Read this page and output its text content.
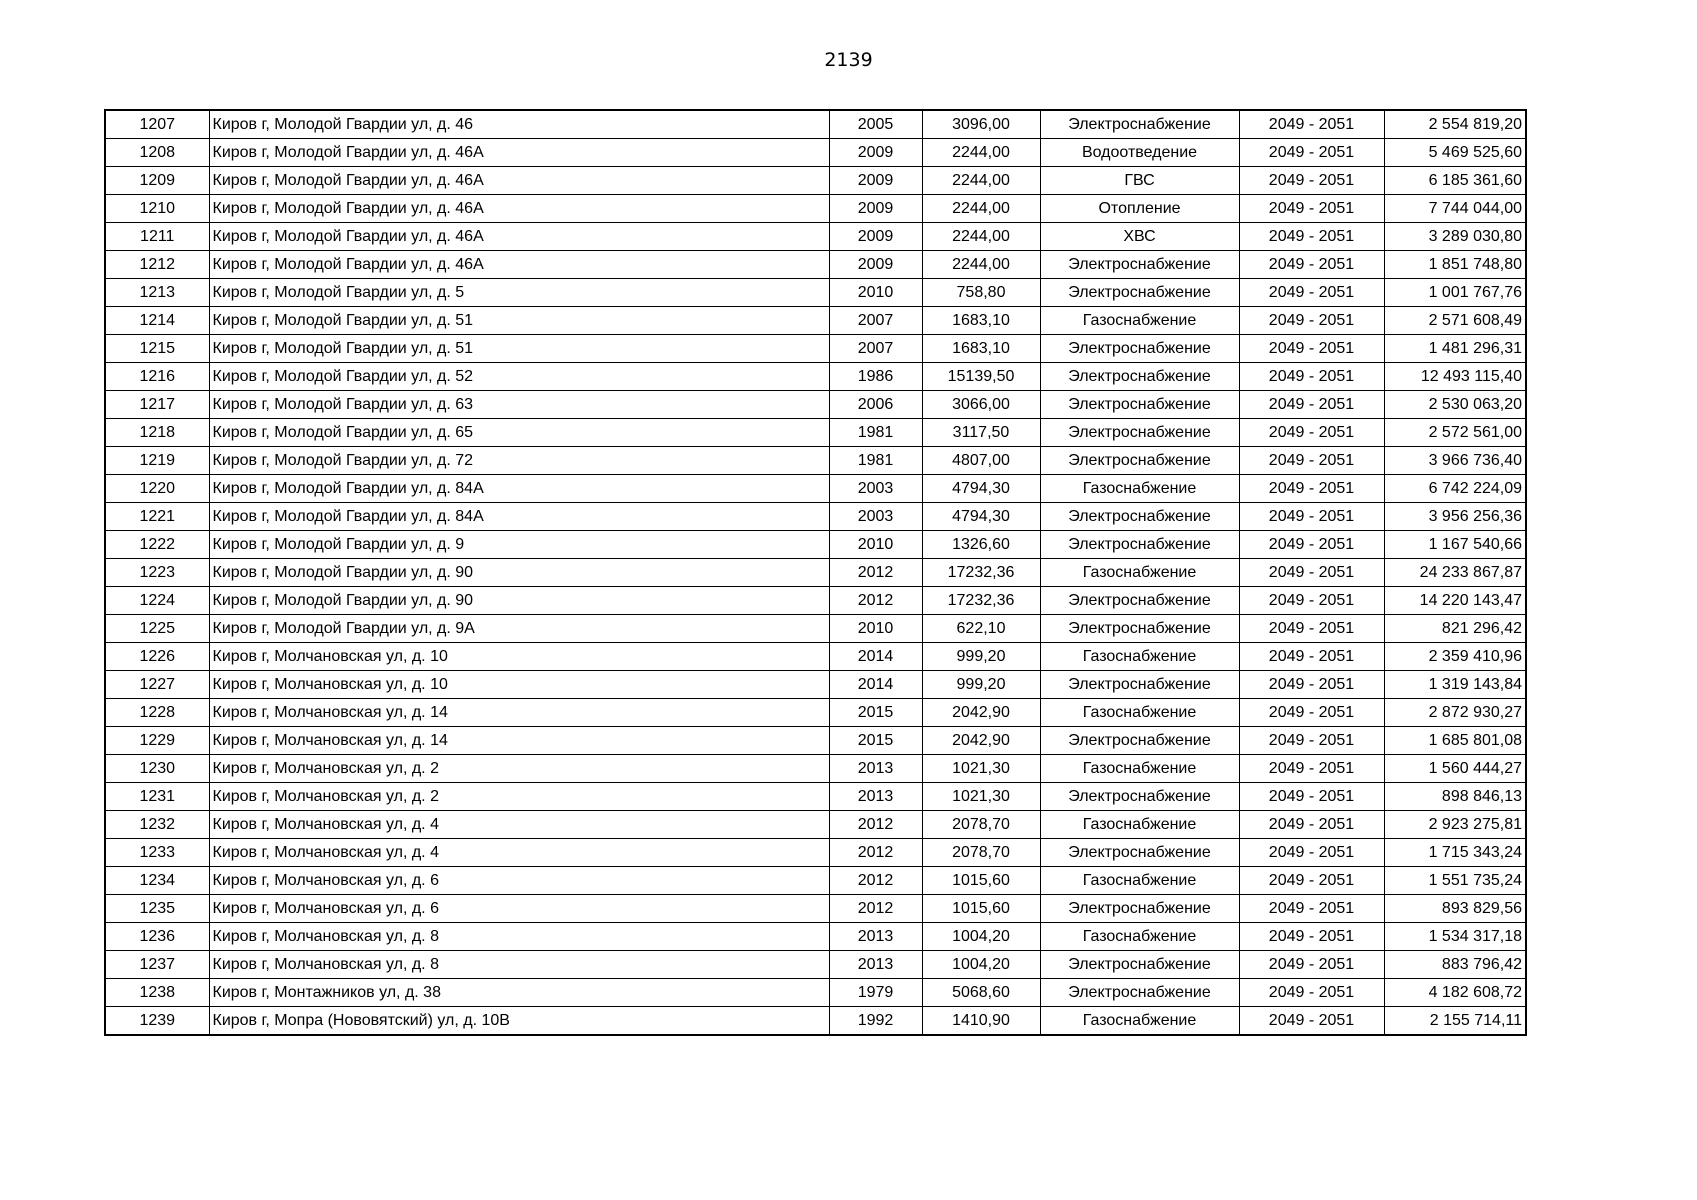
2139
1207	Киров г, Молодой Гвардии ул, д. 46	2005	3096,00	Электроснабжение	2049 - 2051	2 554 819,20
1208	Киров г, Молодой Гвардии ул, д. 46А	2009	2244,00	Водоотведение	2049 - 2051	5 469 525,60
1209	Киров г, Молодой Гвардии ул, д. 46А	2009	2244,00	ГВС	2049 - 2051	6 185 361,60
1210	Киров г, Молодой Гвардии ул, д. 46А	2009	2244,00	Отопление	2049 - 2051	7 744 044,00
1211	Киров г, Молодой Гвардии ул, д. 46А	2009	2244,00	ХВС	2049 - 2051	3 289 030,80
1212	Киров г, Молодой Гвардии ул, д. 46А	2009	2244,00	Электроснабжение	2049 - 2051	1 851 748,80
1213	Киров г, Молодой Гвардии ул, д. 5	2010	758,80	Электроснабжение	2049 - 2051	1 001 767,76
1214	Киров г, Молодой Гвардии ул, д. 51	2007	1683,10	Газоснабжение	2049 - 2051	2 571 608,49
1215	Киров г, Молодой Гвардии ул, д. 51	2007	1683,10	Электроснабжение	2049 - 2051	1 481 296,31
1216	Киров г, Молодой Гвардии ул, д. 52	1986	15139,50	Электроснабжение	2049 - 2051	12 493 115,40
1217	Киров г, Молодой Гвардии ул, д. 63	2006	3066,00	Электроснабжение	2049 - 2051	2 530 063,20
1218	Киров г, Молодой Гвардии ул, д. 65	1981	3117,50	Электроснабжение	2049 - 2051	2 572 561,00
1219	Киров г, Молодой Гвардии ул, д. 72	1981	4807,00	Электроснабжение	2049 - 2051	3 966 736,40
1220	Киров г, Молодой Гвардии ул, д. 84А	2003	4794,30	Газоснабжение	2049 - 2051	6 742 224,09
1221	Киров г, Молодой Гвардии ул, д. 84А	2003	4794,30	Электроснабжение	2049 - 2051	3 956 256,36
1222	Киров г, Молодой Гвардии ул, д. 9	2010	1326,60	Электроснабжение	2049 - 2051	1 167 540,66
1223	Киров г, Молодой Гвардии ул, д. 90	2012	17232,36	Газоснабжение	2049 - 2051	24 233 867,87
1224	Киров г, Молодой Гвардии ул, д. 90	2012	17232,36	Электроснабжение	2049 - 2051	14 220 143,47
1225	Киров г, Молодой Гвардии ул, д. 9А	2010	622,10	Электроснабжение	2049 - 2051	821 296,42
1226	Киров г, Молчановская ул, д. 10	2014	999,20	Газоснабжение	2049 - 2051	2 359 410,96
1227	Киров г, Молчановская ул, д. 10	2014	999,20	Электроснабжение	2049 - 2051	1 319 143,84
1228	Киров г, Молчановская ул, д. 14	2015	2042,90	Газоснабжение	2049 - 2051	2 872 930,27
1229	Киров г, Молчановская ул, д. 14	2015	2042,90	Электроснабжение	2049 - 2051	1 685 801,08
1230	Киров г, Молчановская ул, д. 2	2013	1021,30	Газоснабжение	2049 - 2051	1 560 444,27
1231	Киров г, Молчановская ул, д. 2	2013	1021,30	Электроснабжение	2049 - 2051	898 846,13
1232	Киров г, Молчановская ул, д. 4	2012	2078,70	Газоснабжение	2049 - 2051	2 923 275,81
1233	Киров г, Молчановская ул, д. 4	2012	2078,70	Электроснабжение	2049 - 2051	1 715 343,24
1234	Киров г, Молчановская ул, д. 6	2012	1015,60	Газоснабжение	2049 - 2051	1 551 735,24
1235	Киров г, Молчановская ул, д. 6	2012	1015,60	Электроснабжение	2049 - 2051	893 829,56
1236	Киров г, Молчановская ул, д. 8	2013	1004,20	Газоснабжение	2049 - 2051	1 534 317,18
1237	Киров г, Молчановская ул, д. 8	2013	1004,20	Электроснабжение	2049 - 2051	883 796,42
1238	Киров г, Монтажников ул, д. 38	1979	5068,60	Электроснабжение	2049 - 2051	4 182 608,72
1239	Киров г, Мопра (Нововятский) ул, д. 10В	1992	1410,90	Газоснабжение	2049 - 2051	2 155 714,11
